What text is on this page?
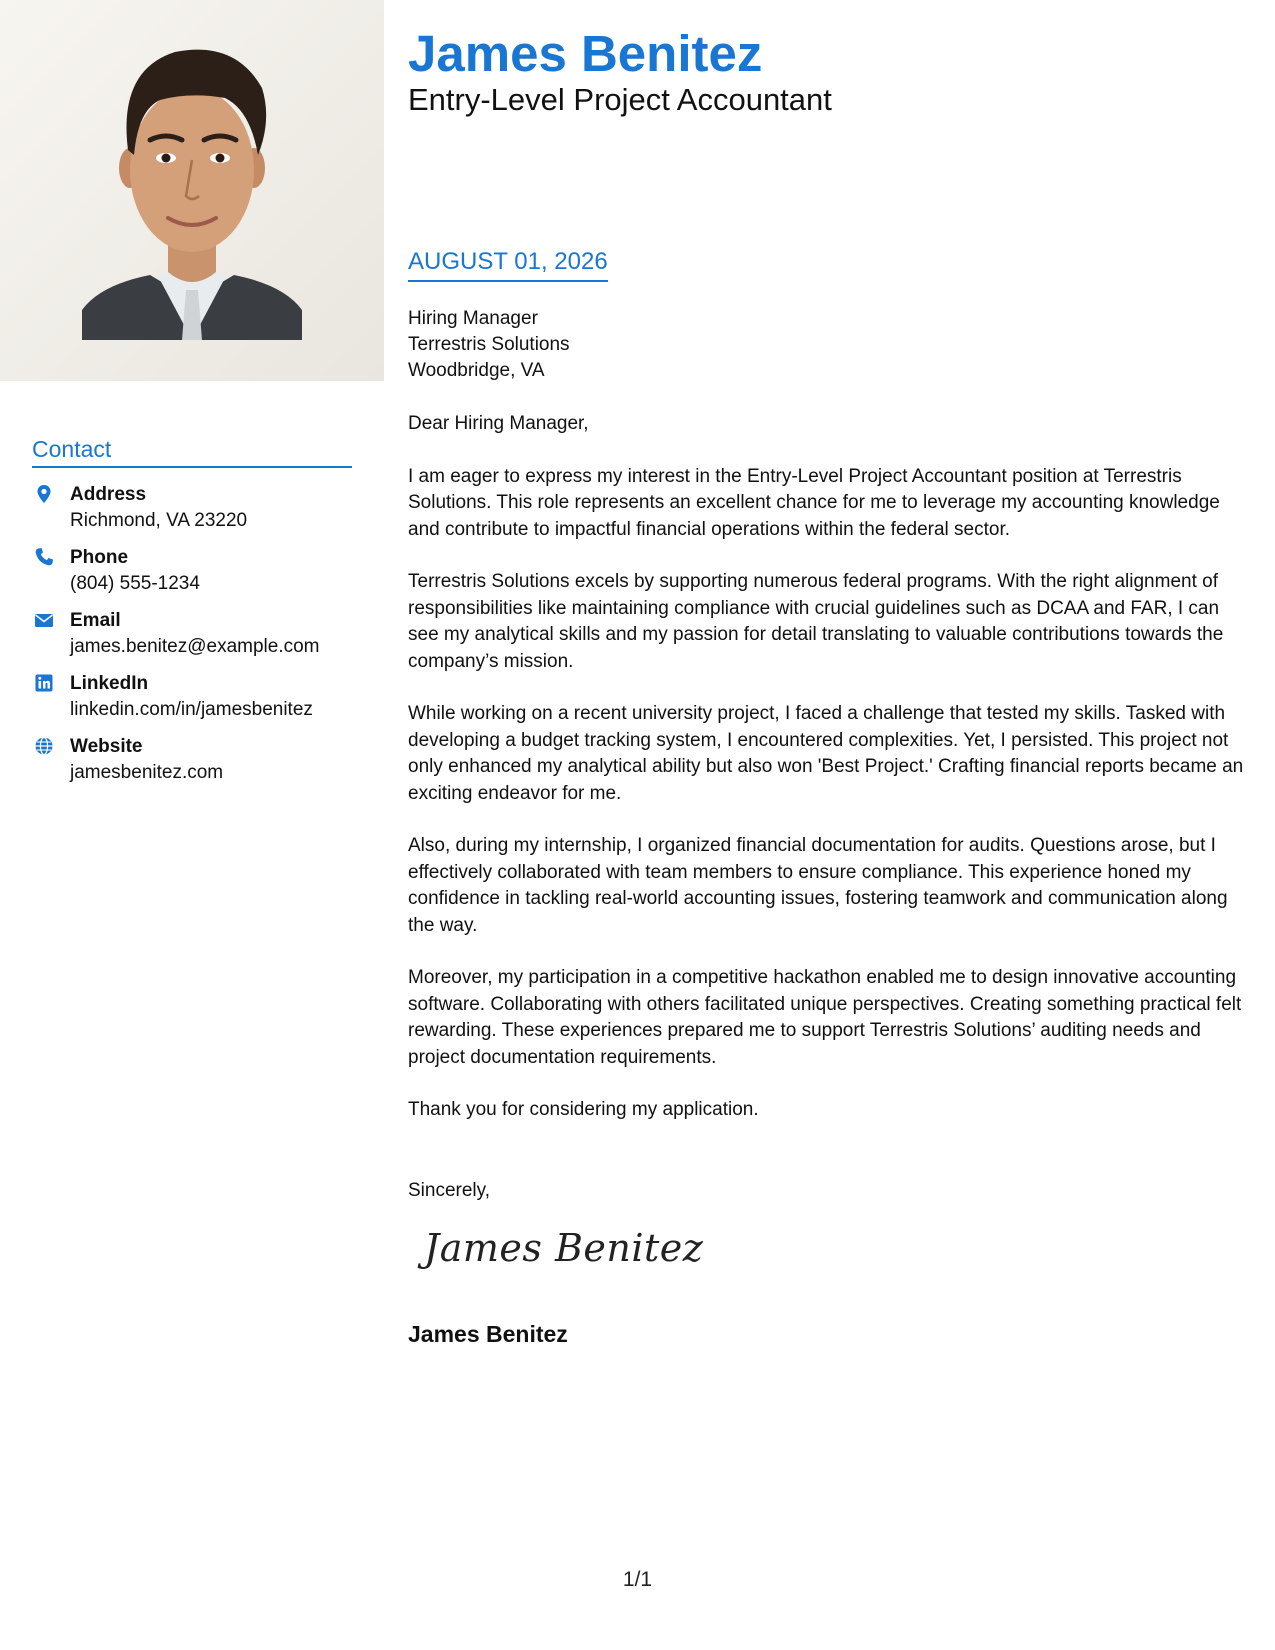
Contact
Address
Richmond, VA 23220
Phone
(804) 555-1234
Email
james.benitez@example.com
LinkedIn
linkedin.com/in/jamesbenitez
Website
jamesbenitez.com
James Benitez
Entry-Level Project Accountant
AUGUST 01, 2026
Hiring Manager
Terrestris Solutions
Woodbridge, VA

Dear Hiring Manager,

I am eager to express my interest in the Entry-Level Project Accountant position at Terrestris Solutions. This role represents an excellent chance for me to leverage my accounting knowledge and contribute to impactful financial operations within the federal sector.

Terrestris Solutions excels by supporting numerous federal programs. With the right alignment of responsibilities like maintaining compliance with crucial guidelines such as DCAA and FAR, I can see my analytical skills and my passion for detail translating to valuable contributions towards the company’s mission.

While working on a recent university project, I faced a challenge that tested my skills. Tasked with developing a budget tracking system, I encountered complexities. Yet, I persisted. This project not only enhanced my analytical ability but also won 'Best Project.' Crafting financial reports became an exciting endeavor for me.

Also, during my internship, I organized financial documentation for audits. Questions arose, but I effectively collaborated with team members to ensure compliance. This experience honed my confidence in tackling real-world accounting issues, fostering teamwork and communication along the way.

Moreover, my participation in a competitive hackathon enabled me to design innovative accounting software. Collaborating with others facilitated unique perspectives. Creating something practical felt rewarding. These experiences prepared me to support Terrestris Solutions’ auditing needs and project documentation requirements.

Thank you for considering my application.

Sincerely,
James Benitez
James Benitez
1/1
